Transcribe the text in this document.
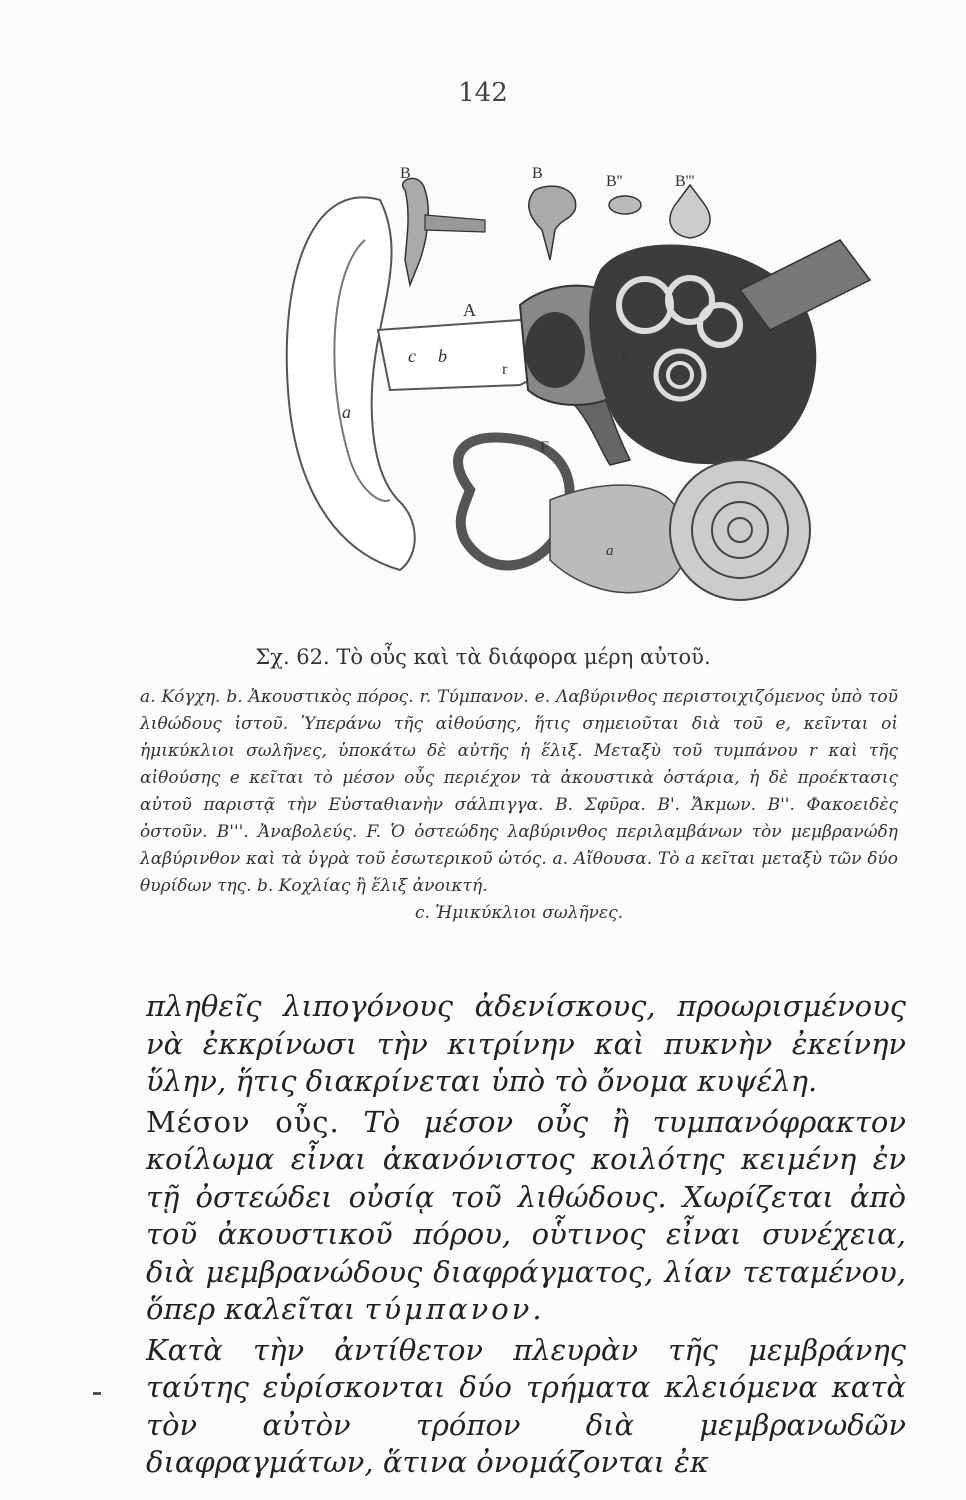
142
B	B	B''	B'''
A
c b
r
e
a
F
a
Σχ. 62. Τὸ οὖς καὶ τὰ διάφορα μέρη αὐτοῦ.
a. Κόγχη. b. Ἀκουστικὸς πόρος. r. Τύμπανον. e. Λαβύρινθος περιστοιχιζόμενος ὑπὸ τοῦ λιθώδους ἱστοῦ. Ὑπεράνω τῆς αἰθούσης, ἥτις σημειοῦται διὰ τοῦ e, κεῖνται οἱ ἡμικύκλιοι σωλῆνες, ὑποκάτω δὲ αὐτῆς ἡ ἕλιξ. Μεταξὺ τοῦ τυμπάνου r καὶ τῆς αἰθούσης e κεῖται τὸ μέσον οὖς περιέχον τὰ ἀκουστικὰ ὀστάρια, ἡ δὲ προέκτασις αὐτοῦ παριστᾷ τὴν Εὐσταθιανὴν σάλπιγγα. B. Σφῦρα. B'. Ἄκμων. B''. Φακοειδὲς ὀστοῦν. B'''. Ἀναβολεύς. F. Ὁ ὀστεώδης λαβύρινθος περιλαμβάνων τὸν μεμβρανώδη λαβύρινθον καὶ τὰ ὑγρὰ τοῦ ἐσωτερικοῦ ὠτός. a. Αἴθουσα. Τὸ a κεῖται μεταξὺ τῶν δύο θυρίδων της. b. Κοχλίας ἢ ἕλιξ ἀνοικτή.
c. Ἡμικύκλιοι σωλῆνες.

πληθεῖς λιπογόνους ἀδενίσκους, προωρισμένους νὰ ἐκκρίνωσι τὴν κιτρίνην καὶ πυκνὴν ἐκείνην ὕλην, ἥτις διακρίνεται ὑπὸ τὸ ὄνομα κυψέλη.

Μέσον οὖς. Τὸ μέσον οὖς ἢ τυμπανόφρακτον κοίλωμα εἶναι ἀκανόνιστος κοιλότης κειμένη ἐν τῇ ὀστεώδει οὐσίᾳ τοῦ λιθώδους. Χωρίζεται ἀπὸ τοῦ ἀκουστικοῦ πόρου, οὗτινος εἶναι συνέχεια, διὰ μεμβρανώδους διαφράγματος, λίαν τεταμένου, ὅπερ καλεῖται τύμπανον.

Κατὰ τὴν ἀντίθετον πλευρὰν τῆς μεμβράνης ταύτης εὑρίσκονται δύο τρήματα κλειόμενα κατὰ τὸν αὐτὸν τρόπον διὰ μεμβρανωδῶν διαφραγμάτων, ἅτινα ὀνομάζονται ἐκ
